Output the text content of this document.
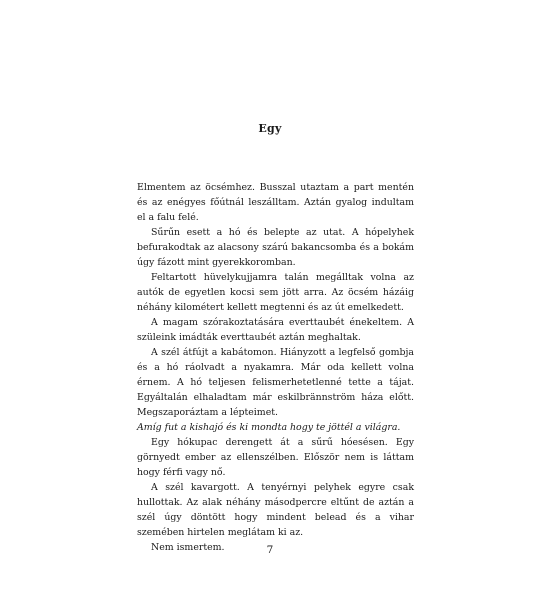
Egy

Elmentem az öcsémhez. Busszal utaztam a part mentén és az enégyes főútnál leszálltam. Aztán gyalog indultam el a falu felé.

Sűrűn esett a hó és belepte az utat. A hópelyhek befurakodtak az alacsony szárú bakancsomba és a bokám úgy fázott mint gyerekkoromban.

Feltartott hüvelykujjamra talán megálltak volna az autók de egyetlen kocsi sem jött arra. Az öcsém házáig néhány kilométert kellett megtenni és az út emelkedett.

A magam szórakoztatására everttaubét énekeltem. A szüleink imádták everttaubét aztán meghaltak.

A szél átfújt a kabátomon. Hiányzott a legfelső gombja és a hó ráolvadt a nyakamra. Már oda kellett volna érnem. A hó teljesen felismerhetetlenné tette a tájat. Egyáltalán elhaladtam már eskilbrännström háza előtt. Megszaporáztam a lépteimet.

Amíg fut a kishajó és ki mondta hogy te jöttél a világra.

Egy hókupac derengett át a sűrű hóesésen. Egy görnyedt ember az ellenszélben. Először nem is láttam hogy férfi vagy nő.

A szél kavargott. A tenyérnyi pelyhek egyre csak hullottak. Az alak néhány másodpercre eltűnt de aztán a szél úgy döntött hogy mindent belead és a vihar szemében hirtelen meglátam ki az.

Nem ismertem.	7
